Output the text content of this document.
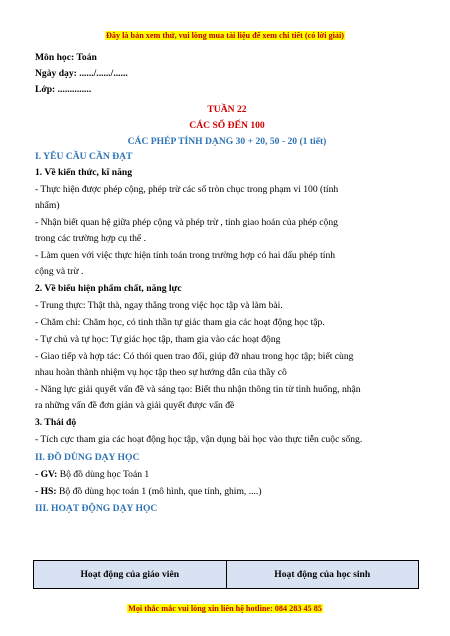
Đây là bản xem thử, vui lòng mua tài liệu để xem chi tiết (có lời giải)
Môn học: Toán
Ngày dạy: ....../....../......
Lớp: ..............
TUẦN 22
CÁC SỐ ĐẾN 100
CÁC PHÉP TÍNH DẠNG 30 + 20, 50 - 20 (1 tiết)
I. YÊU CẦU CẦN ĐẠT
1. Về kiến thức, kĩ năng
- Thực hiện được phép cộng, phép trừ các số tròn chục trong phạm vi 100 (tính
nhẩm)
- Nhận biết quan hệ giữa phép cộng và phép trừ , tính giao hoán của phép cộng
trong các trường hợp cụ thể .
- Làm quen với việc thực hiện tính toán trong trường hợp có hai dấu phép tính
cộng và trừ .
2. Về biểu hiện phẩm chất, năng lực
- Trung thực: Thật thà, ngay thẳng trong việc học tập và làm bài.
- Chăm chỉ: Chăm học, có tinh thần tự giác tham gia các hoạt động học tập.
- Tự chủ và tự học: Tự giác học tập, tham gia vào các hoạt động
- Giao tiếp và hợp tác: Có thói quen trao đổi, giúp đỡ nhau trong học tập; biết cùng
nhau hoàn thành nhiệm vụ học tập theo sự hướng dẫn của thầy cô
- Năng lực giải quyết vấn đề và sáng tạo: Biết thu nhận thông tin từ tình huống, nhận
ra những vấn đề đơn giản và giải quyết được vấn đề
3. Thái độ
- Tích cực tham gia các hoạt động học tập, vận dụng bài học vào thực tiễn cuộc sống.
II. ĐỒ DÙNG DẠY HỌC
- GV: Bộ đồ dùng học Toán 1
- HS: Bộ đồ dùng học toán 1 (mô hình, que tính, ghim, ....)
III. HOẠT ĐỘNG DẠY HỌC
Hoạt động của giáo viên	Hoạt động của học sinh
Mọi thắc mắc vui lòng xin liên hệ hotline: 084 283 45 85
